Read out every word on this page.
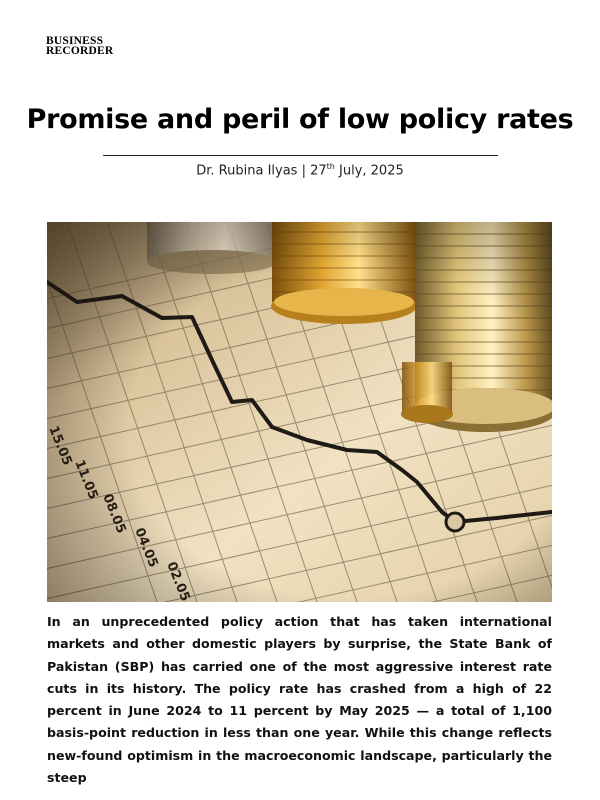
BUSINESS
RECORDER
Promise and peril of low policy rates
Dr. Rubina Ilyas | 27th July, 2025
In an unprecedented policy action that has taken international markets and other domestic players by surprise, the State Bank of Pakistan (SBP) has carried one of the most aggressive interest rate cuts in its history. The policy rate has crashed from a high of 22 percent in June 2024 to 11 percent by May 2025 — a total of 1,100 basis-point reduction in less than one year. While this change reflects new-found optimism in the macroeconomic landscape, particularly the steep
